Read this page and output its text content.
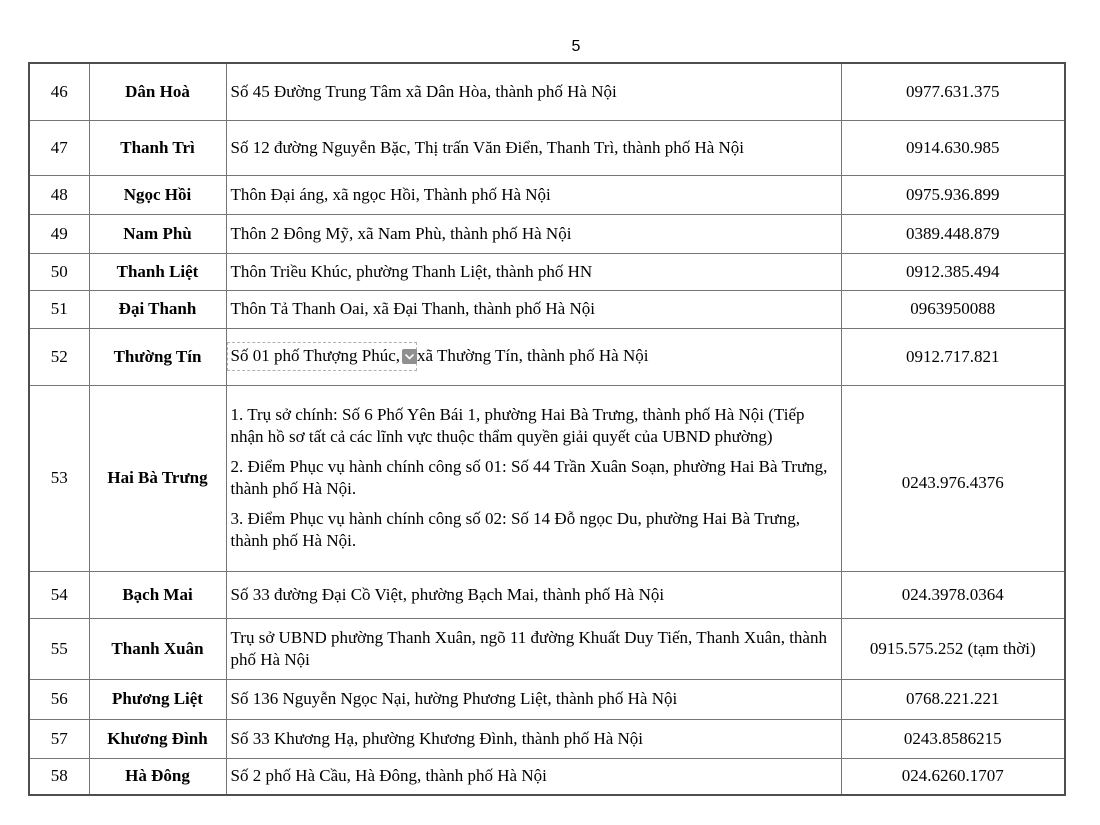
5
46	Dân Hoà	Số 45 Đường Trung Tâm xã Dân Hòa, thành phố Hà Nội	0977.631.375
47	Thanh Trì	Số 12 đường Nguyễn Bặc, Thị trấn Văn Điển, Thanh Trì, thành phố Hà Nội	0914.630.985
48	Ngọc Hồi	Thôn Đại áng, xã ngọc Hồi, Thành phố Hà Nội	0975.936.899
49	Nam Phù	Thôn 2 Đông Mỹ, xã Nam Phù, thành phố Hà Nội	0389.448.879
50	Thanh Liệt	Thôn Triều Khúc, phường Thanh Liệt, thành phố HN	0912.385.494
51	Đại Thanh	Thôn Tả Thanh Oai, xã Đại Thanh, thành phố Hà Nội	0963950088
52	Thường Tín	Số 01 phố Thượng Phúc, xã Thường Tín, thành phố Hà Nội	0912.717.821
53	Hai Bà Trưng	1. Trụ sở chính: Số 6 Phố Yên Bái 1, phường Hai Bà Trưng, thành phố Hà Nội (Tiếp nhận hồ sơ tất cả các lĩnh vực thuộc thẩm quyền giải quyết của UBND phường)

2. Điểm Phục vụ hành chính công số 01: Số 44 Trần Xuân Soạn, phường Hai Bà Trưng, thành phố Hà Nội.

3. Điểm Phục vụ hành chính công số 02: Số 14 Đỗ ngọc Du, phường Hai Bà Trưng, thành phố Hà Nội.	0243.976.4376
54	Bạch Mai	Số 33 đường Đại Cồ Việt, phường Bạch Mai, thành phố Hà Nội	024.3978.0364
55	Thanh Xuân	Trụ sở UBND phường Thanh Xuân, ngõ 11 đường Khuất Duy Tiến, Thanh Xuân, thành phố Hà Nội	0915.575.252 (tạm thời)
56	Phương Liệt	Số 136 Nguyễn Ngọc Nại, hường Phương Liệt, thành phố Hà Nội	0768.221.221
57	Khương Đình	Số 33 Khương Hạ, phường Khương Đình, thành phố Hà Nội	0243.8586215
58	Hà Đông	Số 2 phố Hà Cầu, Hà Đông, thành phố Hà Nội	024.6260.1707
